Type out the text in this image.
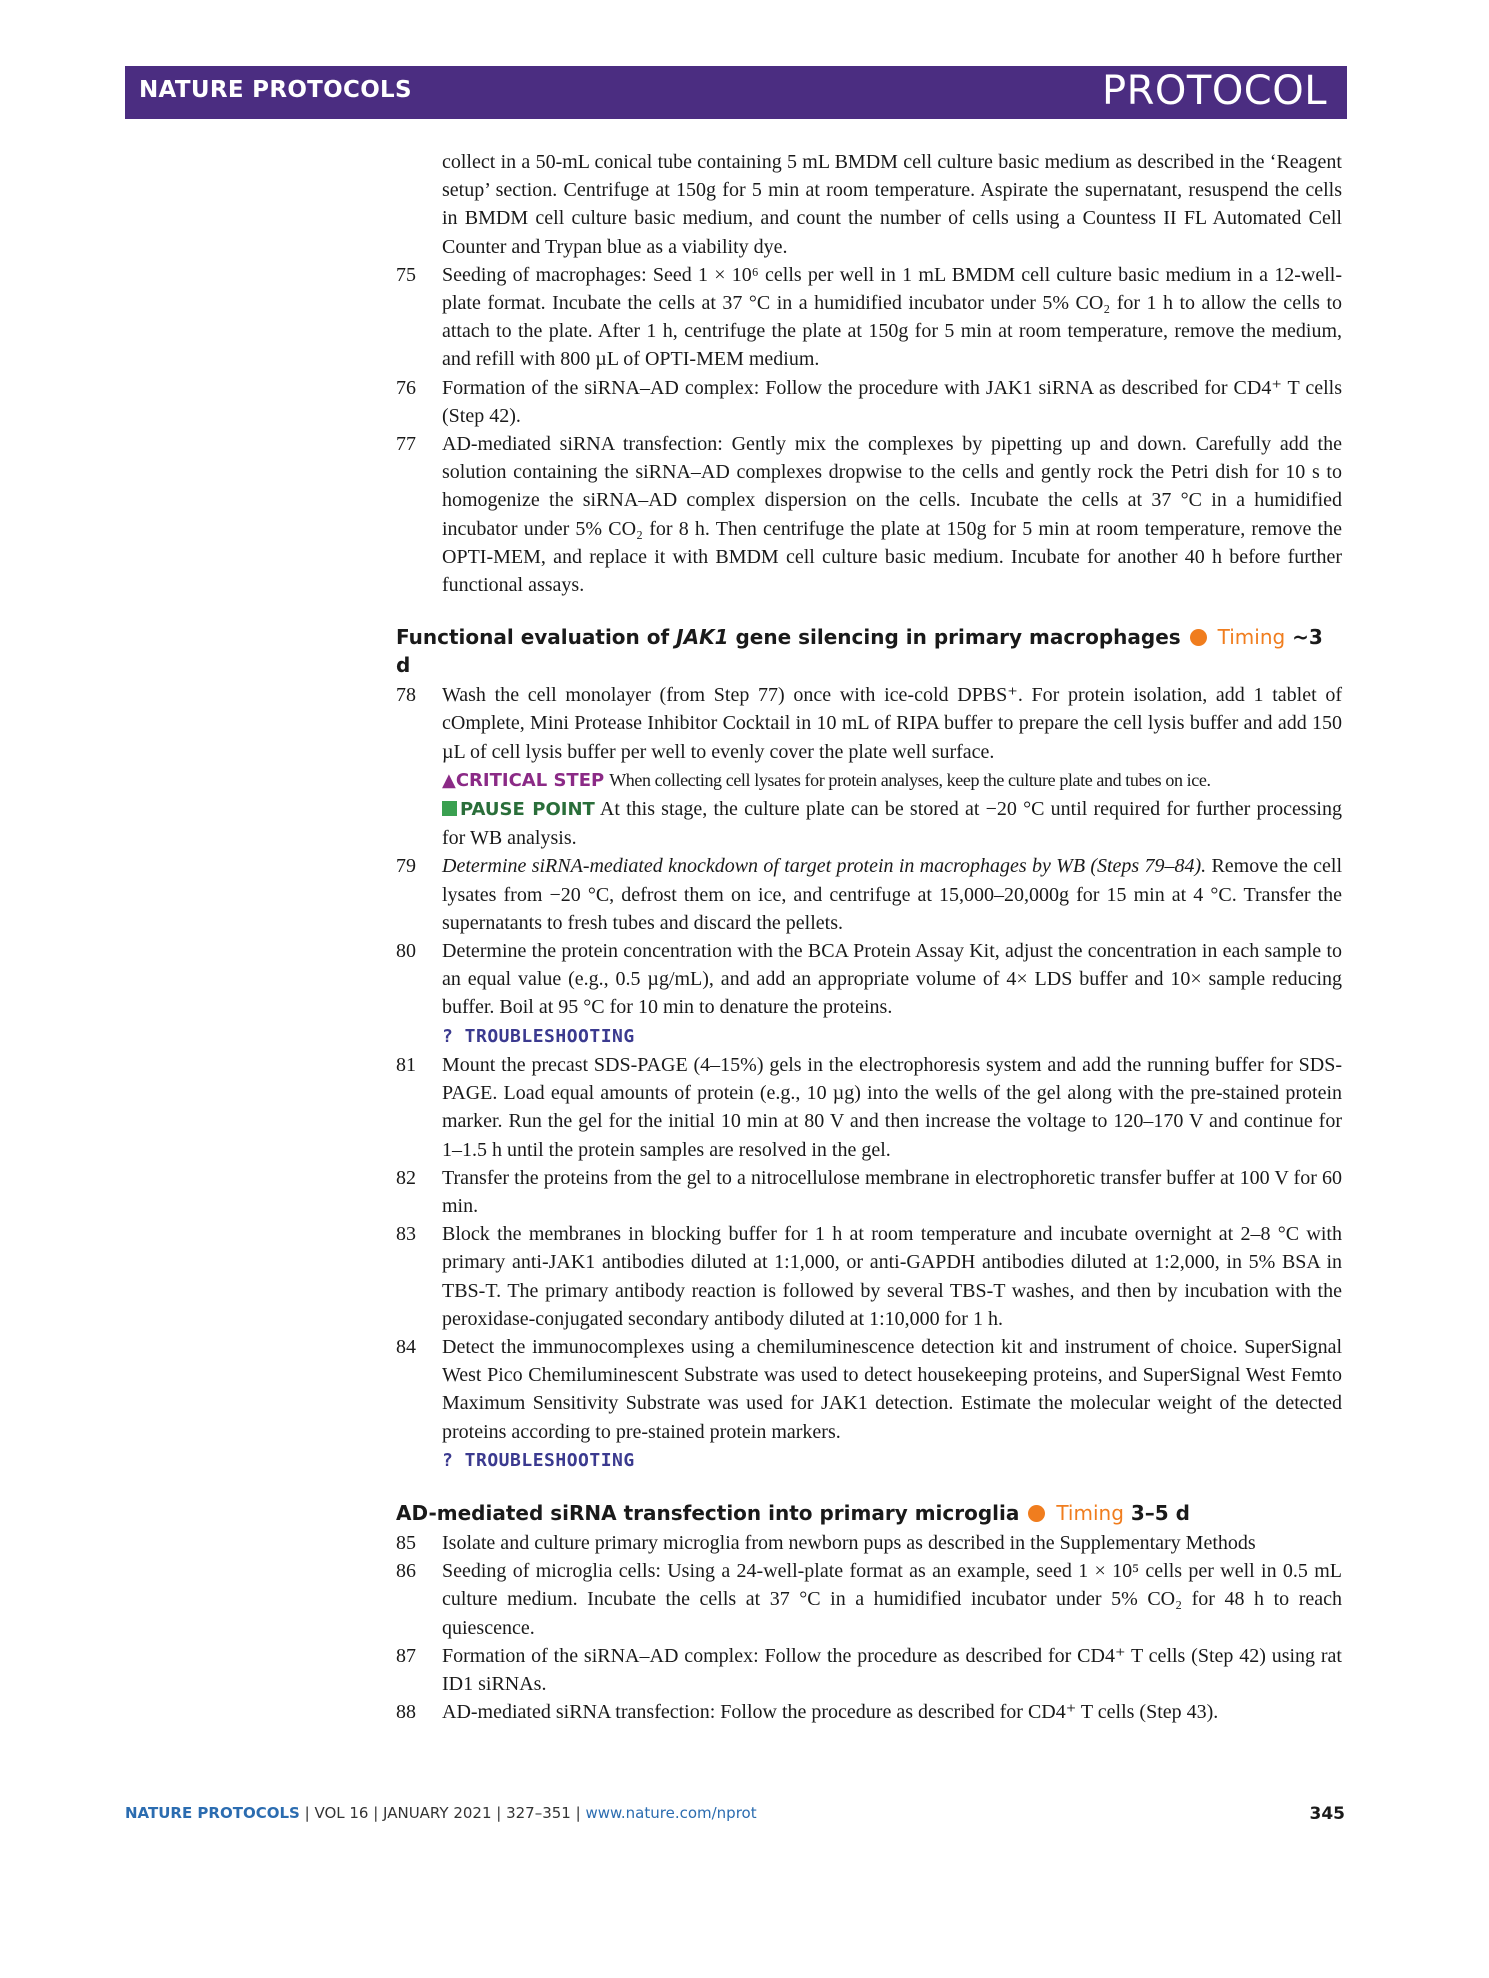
NATURE PROTOCOLS	PROTOCOL
collect in a 50-mL conical tube containing 5 mL BMDM cell culture basic medium as described in the ‘Reagent setup’ section. Centrifuge at 150g for 5 min at room temperature. Aspirate the supernatant, resuspend the cells in BMDM cell culture basic medium, and count the number of cells using a Countess II FL Automated Cell Counter and Trypan blue as a viability dye.
75 Seeding of macrophages: Seed 1 × 10⁶ cells per well in 1 mL BMDM cell culture basic medium in a 12-well-plate format. Incubate the cells at 37 °C in a humidified incubator under 5% CO₂ for 1 h to allow the cells to attach to the plate. After 1 h, centrifuge the plate at 150g for 5 min at room temperature, remove the medium, and refill with 800 µL of OPTI-MEM medium.
76 Formation of the siRNA–AD complex: Follow the procedure with JAK1 siRNA as described for CD4⁺ T cells (Step 42).
77 AD-mediated siRNA transfection: Gently mix the complexes by pipetting up and down. Carefully add the solution containing the siRNA–AD complexes dropwise to the cells and gently rock the Petri dish for 10 s to homogenize the siRNA–AD complex dispersion on the cells. Incubate the cells at 37 °C in a humidified incubator under 5% CO₂ for 8 h. Then centrifuge the plate at 150g for 5 min at room temperature, remove the OPTI-MEM, and replace it with BMDM cell culture basic medium. Incubate for another 40 h before further functional assays.
Functional evaluation of JAK1 gene silencing in primary macrophages Timing ~3 d
78 Wash the cell monolayer (from Step 77) once with ice-cold DPBS⁺. For protein isolation, add 1 tablet of cOmplete, Mini Protease Inhibitor Cocktail in 10 mL of RIPA buffer to prepare the cell lysis buffer and add 150 µL of cell lysis buffer per well to evenly cover the plate well surface.
▲CRITICAL STEP When collecting cell lysates for protein analyses, keep the culture plate and tubes on ice.
PAUSE POINT At this stage, the culture plate can be stored at −20 °C until required for further processing for WB analysis.
79 Determine siRNA-mediated knockdown of target protein in macrophages by WB (Steps 79–84). Remove the cell lysates from −20 °C, defrost them on ice, and centrifuge at 15,000–20,000g for 15 min at 4 °C. Transfer the supernatants to fresh tubes and discard the pellets.
80 Determine the protein concentration with the BCA Protein Assay Kit, adjust the concentration in each sample to an equal value (e.g., 0.5 µg/mL), and add an appropriate volume of 4× LDS buffer and 10× sample reducing buffer. Boil at 95 °C for 10 min to denature the proteins.
? TROUBLESHOOTING
81 Mount the precast SDS-PAGE (4–15%) gels in the electrophoresis system and add the running buffer for SDS-PAGE. Load equal amounts of protein (e.g., 10 µg) into the wells of the gel along with the pre-stained protein marker. Run the gel for the initial 10 min at 80 V and then increase the voltage to 120–170 V and continue for 1–1.5 h until the protein samples are resolved in the gel.
82 Transfer the proteins from the gel to a nitrocellulose membrane in electrophoretic transfer buffer at 100 V for 60 min.
83 Block the membranes in blocking buffer for 1 h at room temperature and incubate overnight at 2–8 °C with primary anti-JAK1 antibodies diluted at 1:1,000, or anti-GAPDH antibodies diluted at 1:2,000, in 5% BSA in TBS-T. The primary antibody reaction is followed by several TBS-T washes, and then by incubation with the peroxidase-conjugated secondary antibody diluted at 1:10,000 for 1 h.
84 Detect the immunocomplexes using a chemiluminescence detection kit and instrument of choice. SuperSignal West Pico Chemiluminescent Substrate was used to detect housekeeping proteins, and SuperSignal West Femto Maximum Sensitivity Substrate was used for JAK1 detection. Estimate the molecular weight of the detected proteins according to pre-stained protein markers.
? TROUBLESHOOTING
AD-mediated siRNA transfection into primary microglia Timing 3–5 d
85 Isolate and culture primary microglia from newborn pups as described in the Supplementary Methods
86 Seeding of microglia cells: Using a 24-well-plate format as an example, seed 1 × 10⁵ cells per well in 0.5 mL culture medium. Incubate the cells at 37 °C in a humidified incubator under 5% CO₂ for 48 h to reach quiescence.
87 Formation of the siRNA–AD complex: Follow the procedure as described for CD4⁺ T cells (Step 42) using rat ID1 siRNAs.
88 AD-mediated siRNA transfection: Follow the procedure as described for CD4⁺ T cells (Step 43).
NATURE PROTOCOLS | VOL 16 | JANUARY 2021 | 327–351 | www.nature.com/nprot	345
